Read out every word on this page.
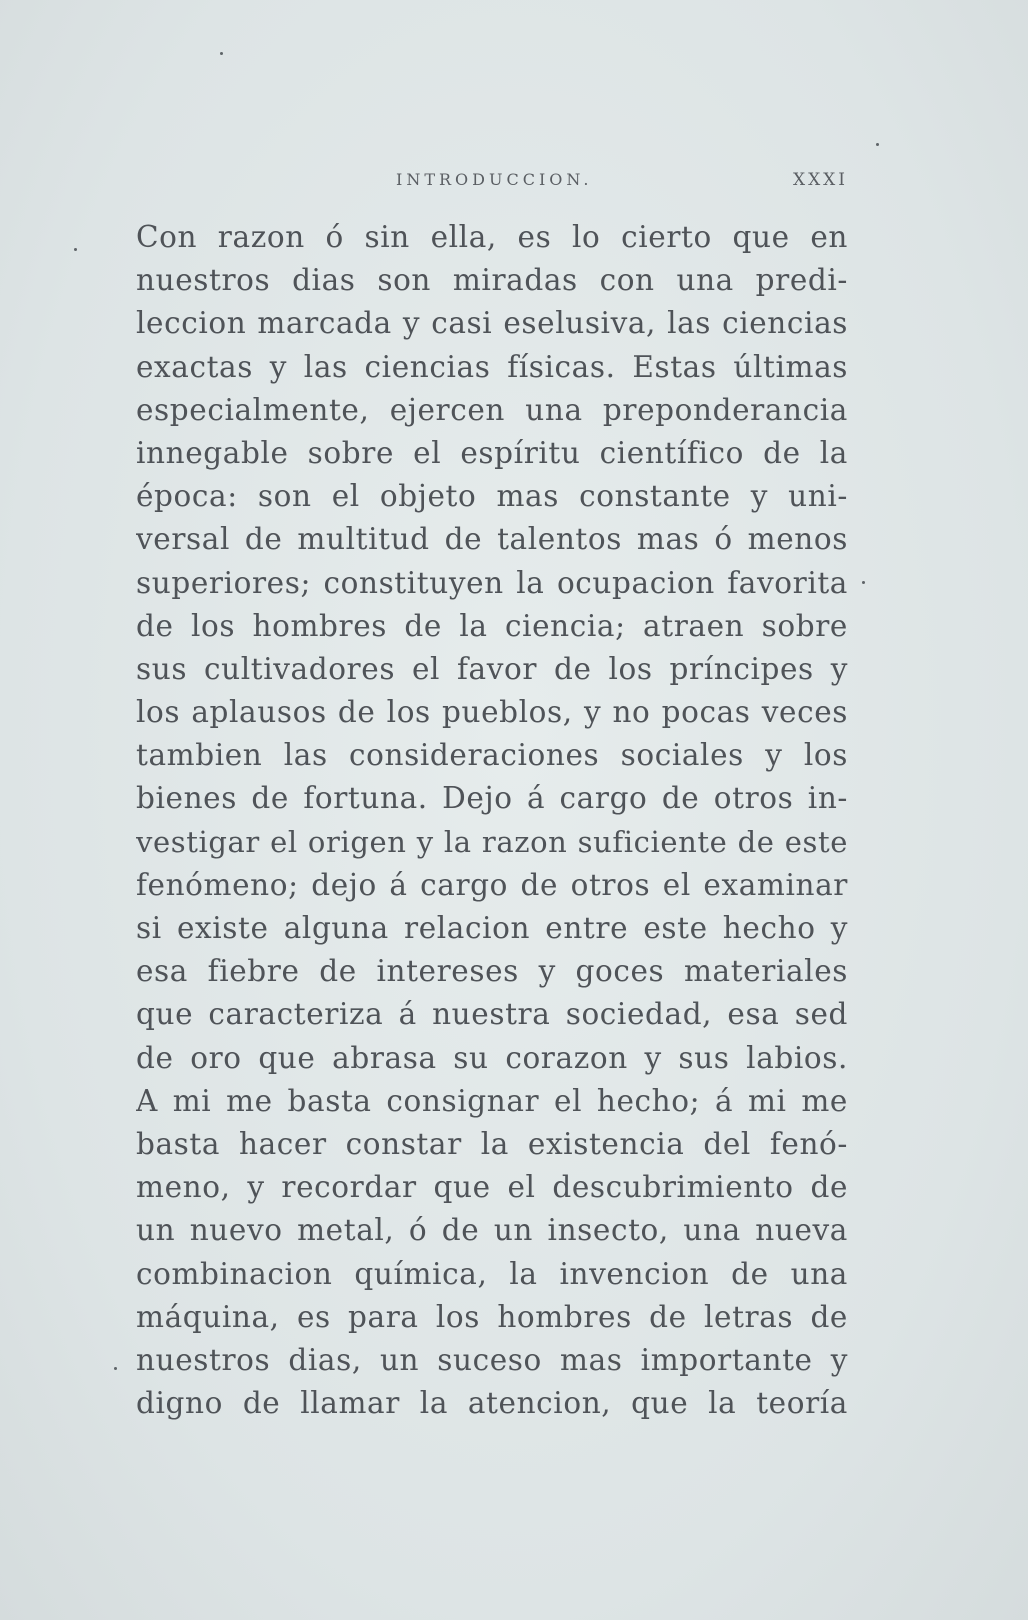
INTRODUCCION.	XXXI
Con razon ó sin ella, es lo cierto que en
nuestros dias son miradas con una predi-
leccion marcada y casi eselusiva, las ciencias
exactas y las ciencias físicas. Estas últimas
especialmente, ejercen una preponderancia
innegable sobre el espíritu científico de la
época: son el objeto mas constante y uni-
versal de multitud de talentos mas ó menos
superiores; constituyen la ocupacion favorita
de los hombres de la ciencia; atraen sobre
sus cultivadores el favor de los príncipes y
los aplausos de los pueblos, y no pocas veces
tambien las consideraciones sociales y los
bienes de fortuna. Dejo á cargo de otros in-
vestigar el origen y la razon suficiente de este
fenómeno; dejo á cargo de otros el examinar
si existe alguna relacion entre este hecho y
esa fiebre de intereses y goces materiales
que caracteriza á nuestra sociedad, esa sed
de oro que abrasa su corazon y sus labios.
A mi me basta consignar el hecho; á mi me
basta hacer constar la existencia del fenó-
meno, y recordar que el descubrimiento de
un nuevo metal, ó de un insecto, una nueva
combinacion química, la invencion de una
máquina, es para los hombres de letras de
nuestros dias, un suceso mas importante y
digno de llamar la atencion, que la teoría
